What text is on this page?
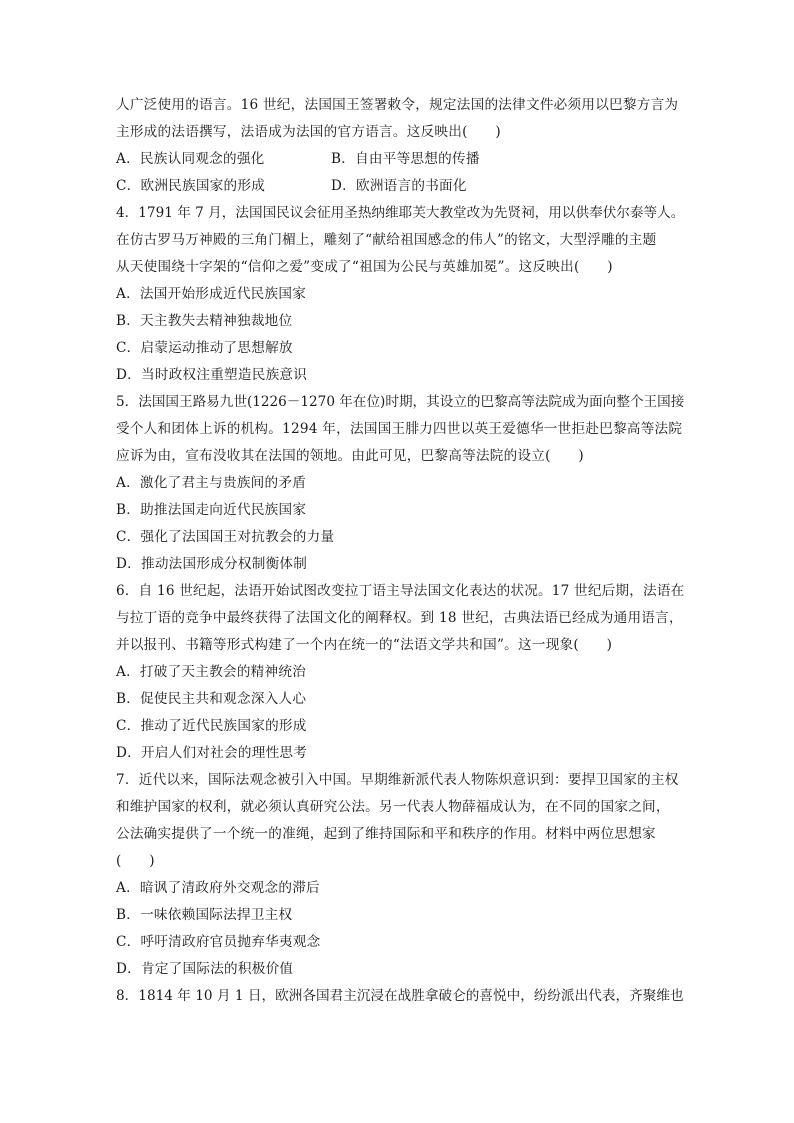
人广泛使用的语言。16 世纪，法国国王签署敕令，规定法国的法律文件必须用以巴黎方言为
主形成的法语撰写，法语成为法国的官方语言。这反映出(　　)
A．民族认同观念的强化	B．自由平等思想的传播
C．欧洲民族国家的形成	D．欧洲语言的书面化
4．1791 年 7 月，法国国民议会征用圣热纳维耶芙大教堂改为先贤祠，用以供奉伏尔泰等人。
在仿古罗马万神殿的三角门楣上，雕刻了“献给祖国感念的伟人”的铭文，大型浮雕的主题
从天使围绕十字架的“信仰之爱”变成了“祖国为公民与英雄加冕”。这反映出(　　)
A．法国开始形成近代民族国家
B．天主教失去精神独裁地位
C．启蒙运动推动了思想解放
D．当时政权注重塑造民族意识
5．法国国王路易九世(1226－1270 年在位)时期，其设立的巴黎高等法院成为面向整个王国接
受个人和团体上诉的机构。1294 年，法国国王腓力四世以英王爱德华一世拒赴巴黎高等法院
应诉为由，宣布没收其在法国的领地。由此可见，巴黎高等法院的设立(　　)
A．激化了君主与贵族间的矛盾
B．助推法国走向近代民族国家
C．强化了法国国王对抗教会的力量
D．推动法国形成分权制衡体制
6．自 16 世纪起，法语开始试图改变拉丁语主导法国文化表达的状况。17 世纪后期，法语在
与拉丁语的竞争中最终获得了法国文化的阐释权。到 18 世纪，古典法语已经成为通用语言，
并以报刊、书籍等形式构建了一个内在统一的“法语文学共和国”。这一现象(　　)
A．打破了天主教会的精神统治
B．促使民主共和观念深入人心
C．推动了近代民族国家的形成
D．开启人们对社会的理性思考
7．近代以来，国际法观念被引入中国。早期维新派代表人物陈炽意识到：要捍卫国家的主权
和维护国家的权利，就必须认真研究公法。另一代表人物薛福成认为，在不同的国家之间，
公法确实提供了一个统一的准绳，起到了维持国际和平和秩序的作用。材料中两位思想家
(　　)
A．暗讽了清政府外交观念的滞后
B．一味依赖国际法捍卫主权
C．呼吁清政府官员抛弃华夷观念
D．肯定了国际法的积极价值
8．1814 年 10 月 1 日，欧洲各国君主沉浸在战胜拿破仑的喜悦中，纷纷派出代表，齐聚维也
